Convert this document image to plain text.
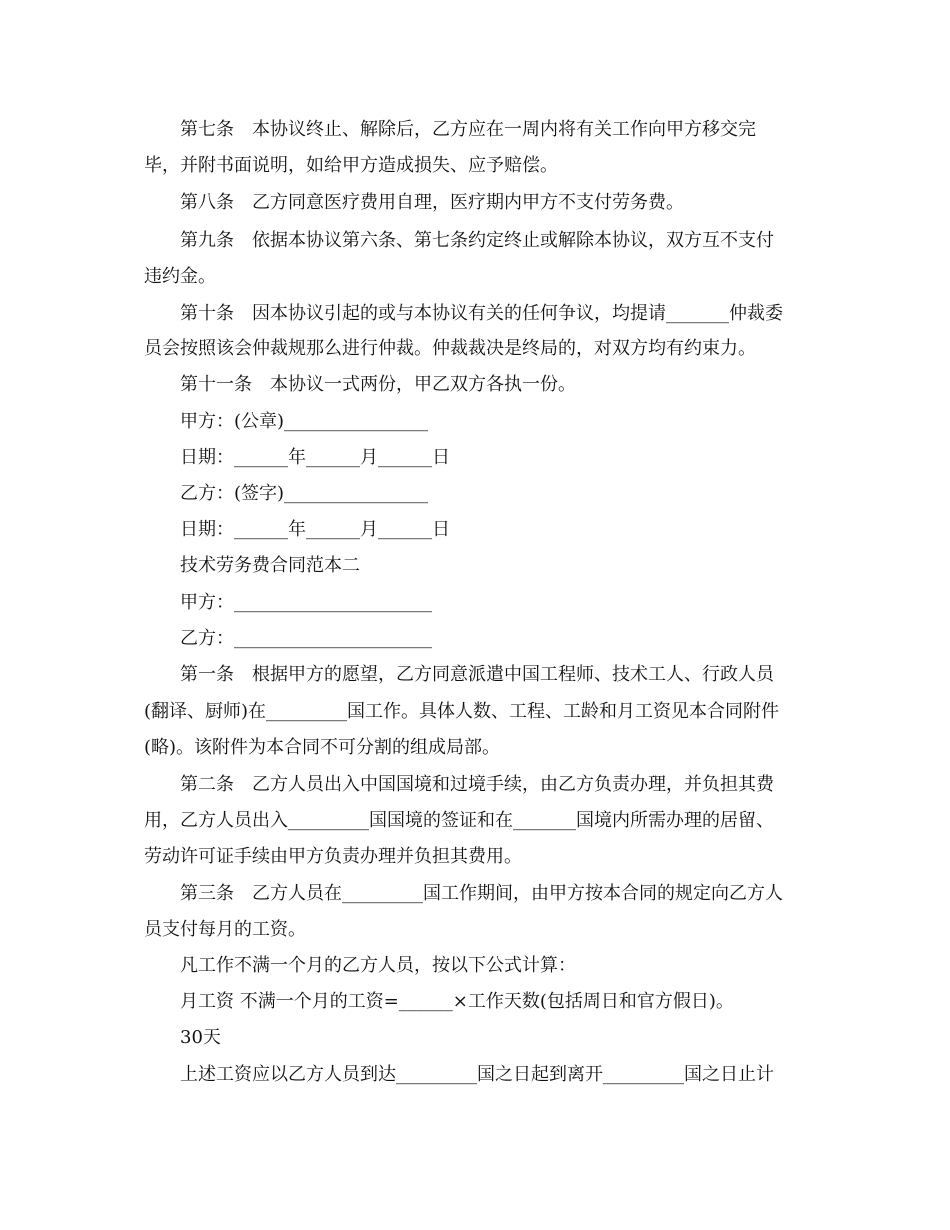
第七条　本协议终止、解除后，乙方应在一周内将有关工作向甲方移交完
毕，并附书面说明，如给甲方造成损失、应予赔偿。
第八条　乙方同意医疗费用自理，医疗期内甲方不支付劳务费。
第九条　依据本协议第六条、第七条约定终止或解除本协议，双方互不支付
违约金。
第十条　因本协议引起的或与本协议有关的任何争议，均提请_______仲裁委
员会按照该会仲裁规那么进行仲裁。仲裁裁决是终局的，对双方均有约束力。
第十一条　本协议一式两份，甲乙双方各执一份。
甲方：(公章)________________
日期：______年______月______日
乙方：(签字)________________
日期：______年______月______日
技术劳务费合同范本二
甲方：______________________
乙方：______________________
第一条　根据甲方的愿望，乙方同意派遣中国工程师、技术工人、行政人员
(翻译、厨师)在_________国工作。具体人数、工程、工龄和月工资见本合同附件
(略)。该附件为本合同不可分割的组成局部。
第二条　乙方人员出入中国国境和过境手续，由乙方负责办理，并负担其费
用，乙方人员出入_________国国境的签证和在_______国境内所需办理的居留、
劳动许可证手续由甲方负责办理并负担其费用。
第三条　乙方人员在_________国工作期间，由甲方按本合同的规定向乙方人
员支付每月的工资。
凡工作不满一个月的乙方人员，按以下公式计算：
月工资 不满一个月的工资=______×工作天数(包括周日和官方假日)。
30天
上述工资应以乙方人员到达_________国之日起到离开_________国之日止计
